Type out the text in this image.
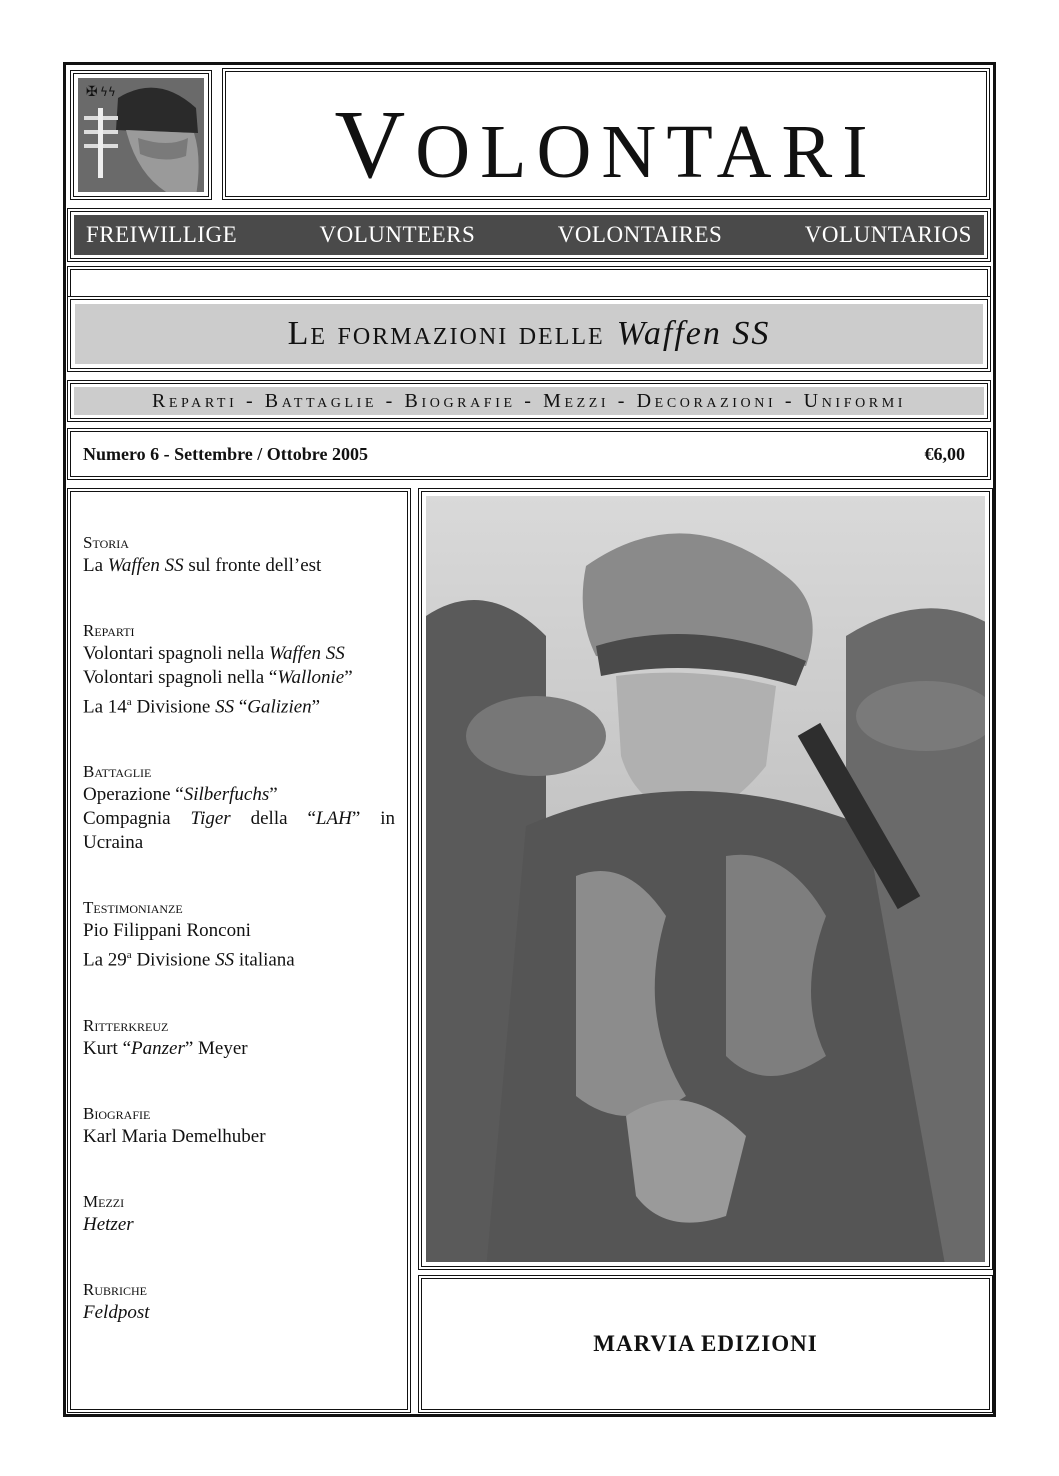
✠ ϟϟ	VOLONTARI
FREIWILLIGE	VOLUNTEERS	VOLONTAIRES	VOLUNTARIOS
Le formazioni delle Waffen SS
Reparti - Battaglie - Biografie - Mezzi - Decorazioni - Uniformi
Numero 6 - Settembre / Ottobre 2005	€6,00
Storia
La Waffen SS sul fronte dell’est
Reparti
Volontari spagnoli nella Waffen SS
Volontari spagnoli nella “Wallonie”
La 14$^a$ Divisione SS “Galizien”
Battaglie
Operazione “Silberfuchs”
Compagnia Tiger della “LAH” in Ucraina
Testimonianze
Pio Filippani Ronconi
La 29$^a$ Divisione SS italiana
Ritterkreuz
Kurt “Panzer” Meyer
Biografie
Karl Maria Demelhuber
Mezzi
Hetzer
Rubriche
Feldpost
MARVIA EDIZIONI
